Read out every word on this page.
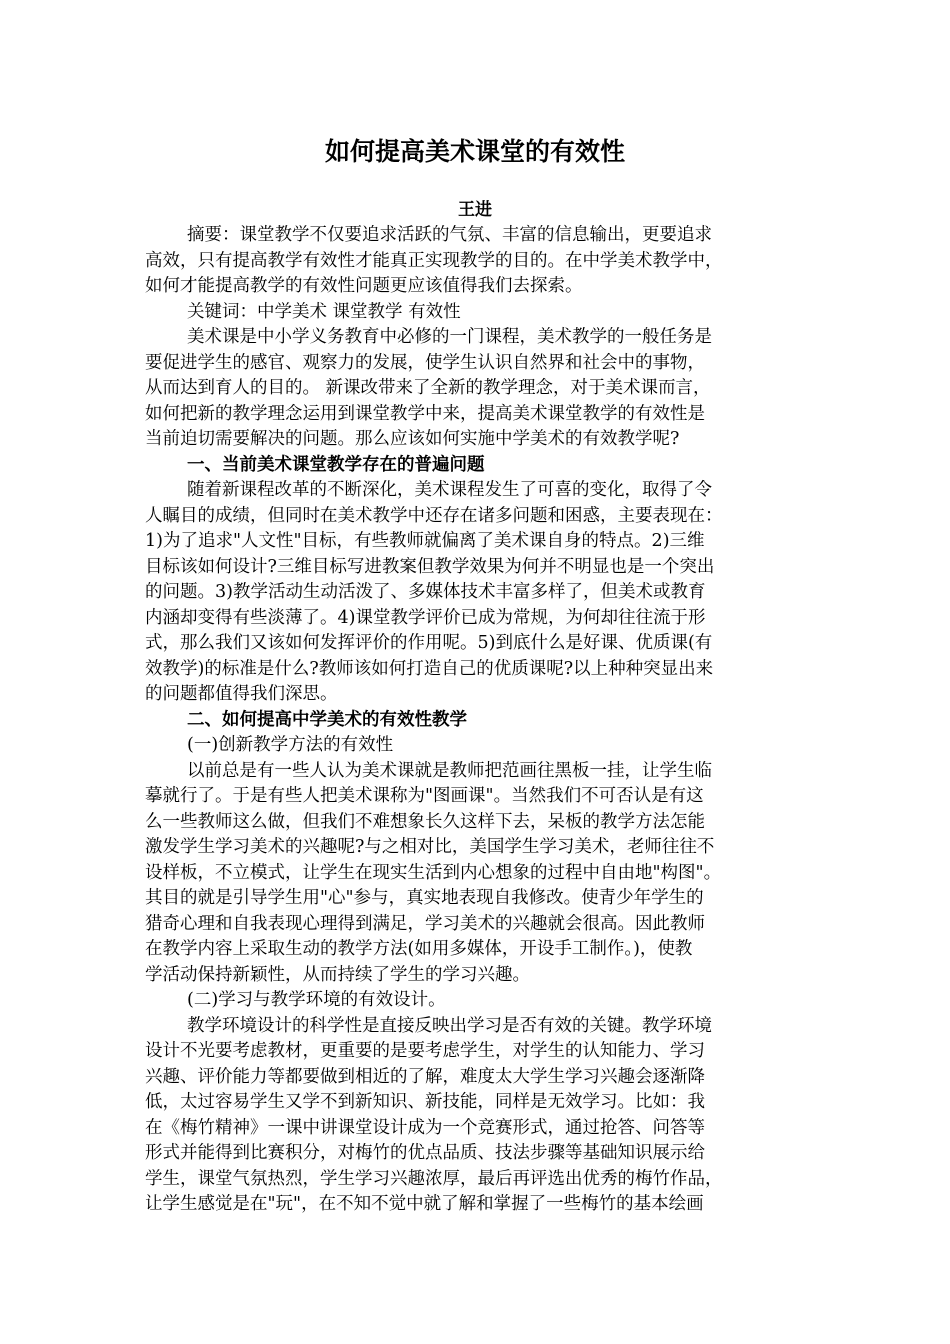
如何提高美术课堂的有效性
王进
摘要：课堂教学不仅要追求活跃的气氛、丰富的信息输出，更要追求
高效，只有提高教学有效性才能真正实现教学的目的。在中学美术教学中，
如何才能提高教学的有效性问题更应该值得我们去探索。
关键词：中学美术 课堂教学 有效性
美术课是中小学义务教育中必修的一门课程，美术教学的一般任务是
要促进学生的感官、观察力的发展，使学生认识自然界和社会中的事物，
从而达到育人的目的。 新课改带来了全新的教学理念，对于美术课而言，
如何把新的教学理念运用到课堂教学中来，提高美术课堂教学的有效性是
当前迫切需要解决的问题。那么应该如何实施中学美术的有效教学呢?
一、当前美术课堂教学存在的普遍问题
随着新课程改革的不断深化，美术课程发生了可喜的变化，取得了令
人瞩目的成绩，但同时在美术教学中还存在诸多问题和困惑，主要表现在：
1)为了追求"人文性"目标，有些教师就偏离了美术课自身的特点。2)三维
目标该如何设计?三维目标写进教案但教学效果为何并不明显也是一个突出
的问题。3)教学活动生动活泼了、多媒体技术丰富多样了，但美术或教育
内涵却变得有些淡薄了。4)课堂教学评价已成为常规，为何却往往流于形
式，那么我们又该如何发挥评价的作用呢。5)到底什么是好课、优质课(有
效教学)的标准是什么?教师该如何打造自己的优质课呢?以上种种突显出来
的问题都值得我们深思。
二、如何提高中学美术的有效性教学
(一)创新教学方法的有效性
以前总是有一些人认为美术课就是教师把范画往黑板一挂，让学生临
摹就行了。于是有些人把美术课称为"图画课"。当然我们不可否认是有这
么一些教师这么做，但我们不难想象长久这样下去，呆板的教学方法怎能
激发学生学习美术的兴趣呢?与之相对比，美国学生学习美术，老师往往不
设样板，不立模式，让学生在现实生活到内心想象的过程中自由地"构图"。
其目的就是引导学生用"心"参与，真实地表现自我修改。使青少年学生的
猎奇心理和自我表现心理得到满足，学习美术的兴趣就会很高。因此教师
在教学内容上采取生动的教学方法(如用多媒体，开设手工制作。)，使教
学活动保持新颖性，从而持续了学生的学习兴趣。
(二)学习与教学环境的有效设计。
教学环境设计的科学性是直接反映出学习是否有效的关键。教学环境
设计不光要考虑教材，更重要的是要考虑学生，对学生的认知能力、学习
兴趣、评价能力等都要做到相近的了解，难度太大学生学习兴趣会逐渐降
低，太过容易学生又学不到新知识、新技能，同样是无效学习。比如：我
在《梅竹精神》一课中讲课堂设计成为一个竞赛形式，通过抢答、问答等
形式并能得到比赛积分，对梅竹的优点品质、技法步骤等基础知识展示给
学生，课堂气氛热烈，学生学习兴趣浓厚，最后再评选出优秀的梅竹作品，
让学生感觉是在"玩"，在不知不觉中就了解和掌握了一些梅竹的基本绘画
